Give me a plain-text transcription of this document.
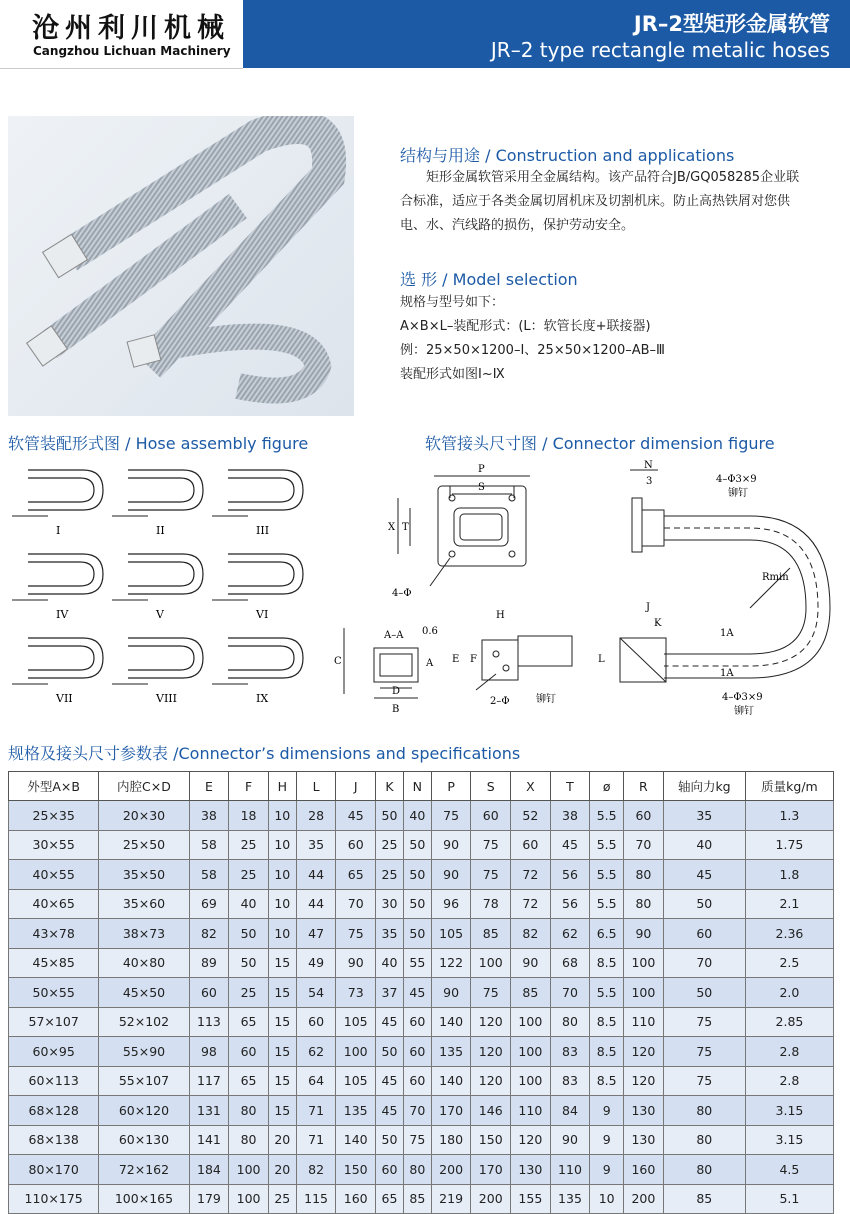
沧州利川机械
Cangzhou Lichuan Machinery
JR–2型矩形金属软管
JR–2 type rectangle metalic hoses
结构与用途 / Construction and applications
矩形金属软管采用全金属结构。该产品符合JB/GQ058285企业联
合标准，适应于各类金属切屑机床及切割机床。防止高热铁屑对您供
电、水、汽线路的损伤，保护劳动安全。
选 形 / Model selection
规格与型号如下：
A×B×L–装配形式：(L：软管长度+联接器)
例：25×50×1200–Ⅰ、25×50×1200–AB–Ⅲ
装配形式如图Ⅰ~Ⅸ
软管装配形式图 / Hose assembly figure
I	II	III
IV	V	VI
VII	VIII	IX
软管接头尺寸图 / Connector dimension figure
P
S
X T
4–Φ
N
3	4–Φ3×9
铆钉
Rmin
1A
1A
J
K
L
4–Φ3×9
铆钉
A–A 0.6
C	A
D
B
H
E F
2–Φ	铆钉
规格及接头尺寸参数表 /Connector’s dimensions and specifications
外型A×B	内腔C×D	E	F	H	L	J	K	N	P	S	X	T	ø	R	轴向力kg	质量kg/m
25×35	20×30	38	18	10	28	45	50	40	75	60	52	38	5.5	60	35	1.3
30×55	25×50	58	25	10	35	60	25	50	90	75	60	45	5.5	70	40	1.75
40×55	35×50	58	25	10	44	65	25	50	90	75	72	56	5.5	80	45	1.8
40×65	35×60	69	40	10	44	70	30	50	96	78	72	56	5.5	80	50	2.1
43×78	38×73	82	50	10	47	75	35	50	105	85	82	62	6.5	90	60	2.36
45×85	40×80	89	50	15	49	90	40	55	122	100	90	68	8.5	100	70	2.5
50×55	45×50	60	25	15	54	73	37	45	90	75	85	70	5.5	100	50	2.0
57×107	52×102	113	65	15	60	105	45	60	140	120	100	80	8.5	110	75	2.85
60×95	55×90	98	60	15	62	100	50	60	135	120	100	83	8.5	120	75	2.8
60×113	55×107	117	65	15	64	105	45	60	140	120	100	83	8.5	120	75	2.8
68×128	60×120	131	80	15	71	135	45	70	170	146	110	84	9	130	80	3.15
68×138	60×130	141	80	20	71	140	50	75	180	150	120	90	9	130	80	3.15
80×170	72×162	184	100	20	82	150	60	80	200	170	130	110	9	160	80	4.5
110×175	100×165	179	100	25	115	160	65	85	219	200	155	135	10	200	85	5.1
